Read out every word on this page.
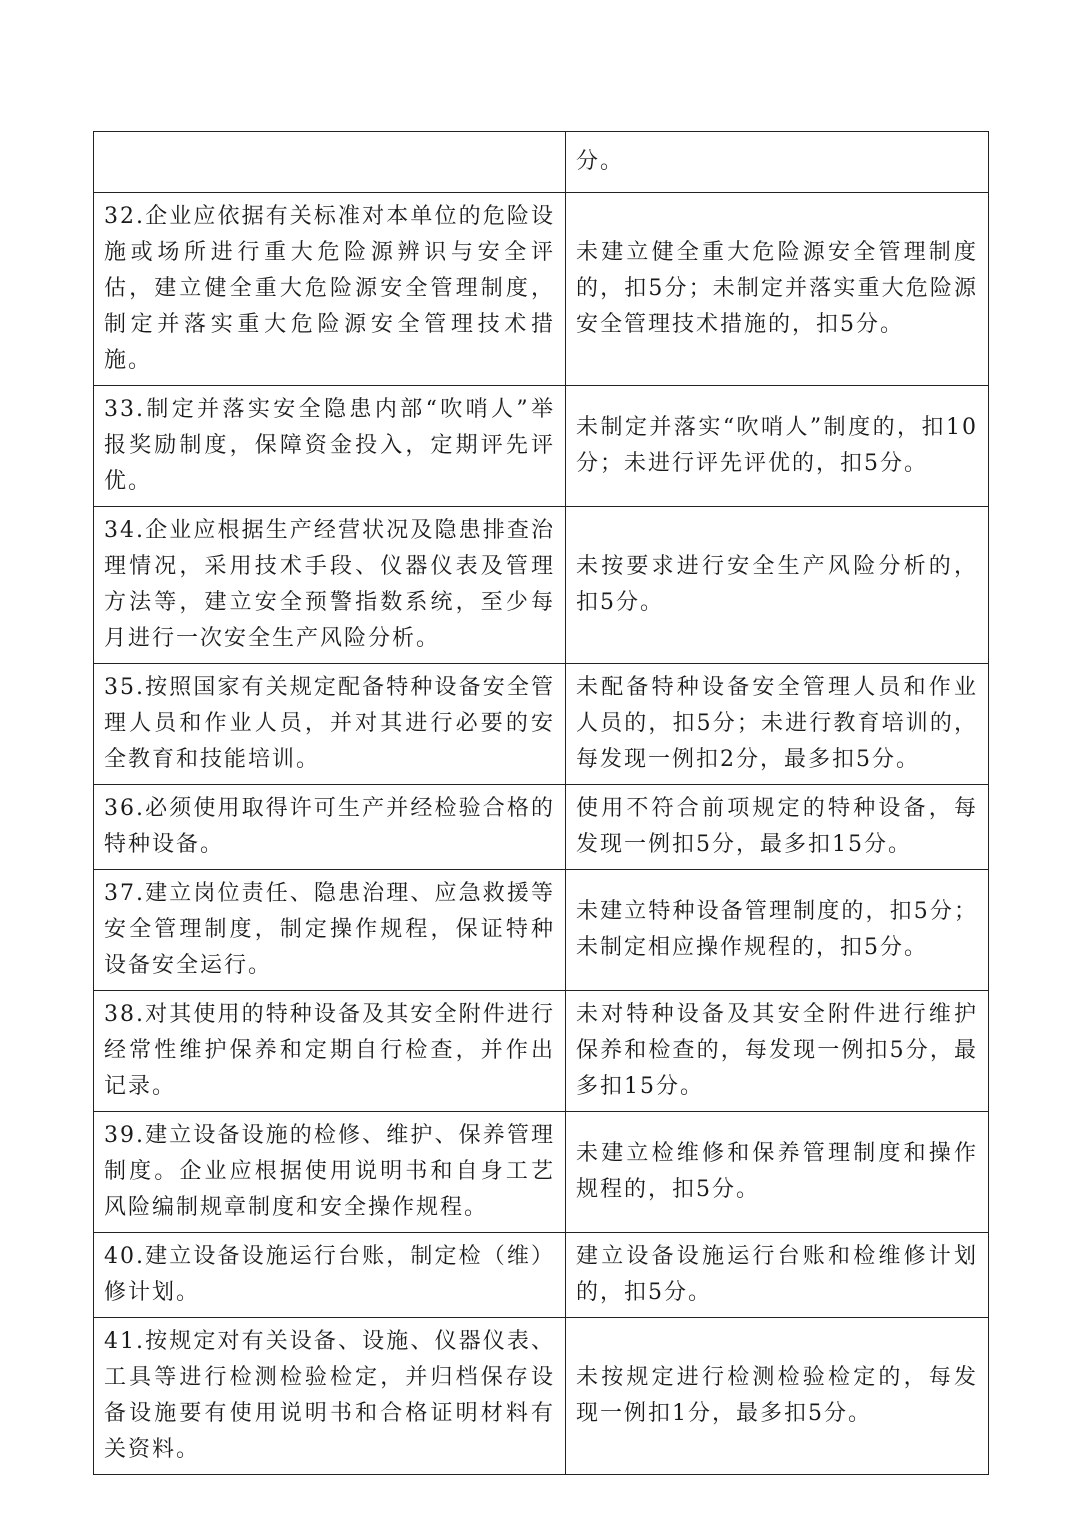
	分。
32.企业应依据有关标准对本单位的危险设施或场所进行重大危险源辨识与安全评估，建立健全重大危险源安全管理制度，制定并落实重大危险源安全管理技术措施。	未建立健全重大危险源安全管理制度的，扣5分；未制定并落实重大危险源安全管理技术措施的，扣5分。
33.制定并落实安全隐患内部“吹哨人”举报奖励制度，保障资金投入，定期评先评优。	未制定并落实“吹哨人”制度的，扣10分；未进行评先评优的，扣5分。
34.企业应根据生产经营状况及隐患排查治理情况，采用技术手段、仪器仪表及管理方法等，建立安全预警指数系统，至少每月进行一次安全生产风险分析。	未按要求进行安全生产风险分析的，扣5分。
35.按照国家有关规定配备特种设备安全管理人员和作业人员，并对其进行必要的安全教育和技能培训。	未配备特种设备安全管理人员和作业人员的，扣5分；未进行教育培训的，每发现一例扣2分，最多扣5分。
36.必须使用取得许可生产并经检验合格的特种设备。	使用不符合前项规定的特种设备，每发现一例扣5分，最多扣15分。
37.建立岗位责任、隐患治理、应急救援等安全管理制度，制定操作规程，保证特种设备安全运行。	未建立特种设备管理制度的，扣5分；未制定相应操作规程的，扣5分。
38.对其使用的特种设备及其安全附件进行经常性维护保养和定期自行检查，并作出记录。	未对特种设备及其安全附件进行维护保养和检查的，每发现一例扣5分，最多扣15分。
39.建立设备设施的检修、维护、保养管理制度。企业应根据使用说明书和自身工艺风险编制规章制度和安全操作规程。	未建立检维修和保养管理制度和操作规程的，扣5分。
40.建立设备设施运行台账，制定检（维）修计划。	建立设备设施运行台账和检维修计划的，扣5分。
41.按规定对有关设备、设施、仪器仪表、工具等进行检测检验检定，并归档保存设备设施要有使用说明书和合格证明材料有关资料。	未按规定进行检测检验检定的，每发现一例扣1分，最多扣5分。
